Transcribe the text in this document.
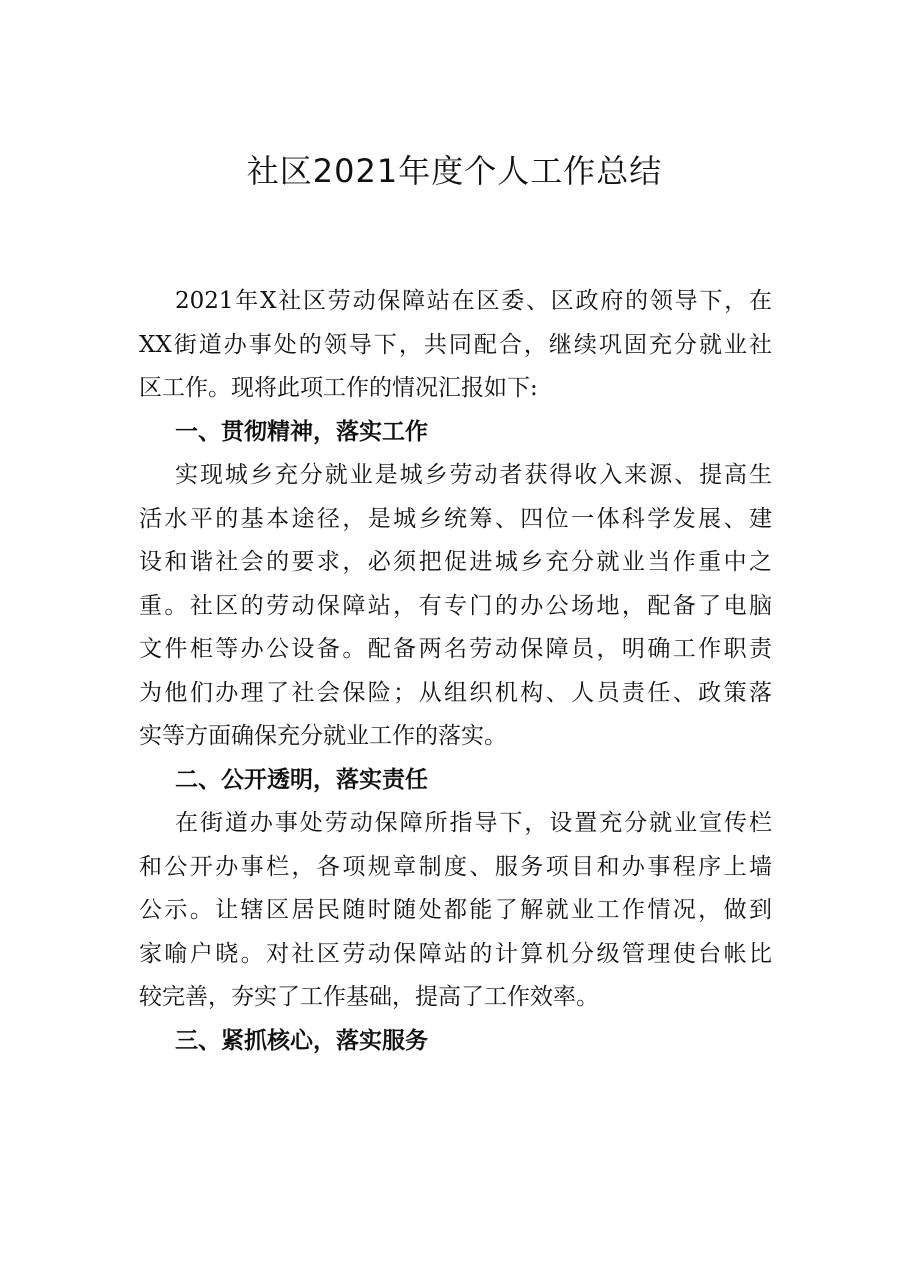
社区2021年度个人工作总结
2021年X社区劳动保障站在区委、区政府的领导下，在
XX街道办事处的领导下，共同配合，继续巩固充分就业社
区工作。现将此项工作的情况汇报如下:
一、贯彻精神，落实工作
实现城乡充分就业是城乡劳动者获得收入来源、提高生
活水平的基本途径，是城乡统筹、四位一体科学发展、建
设和谐社会的要求，必须把促进城乡充分就业当作重中之
重。社区的劳动保障站，有专门的办公场地，配备了电脑
文件柜等办公设备。配备两名劳动保障员，明确工作职责
为他们办理了社会保险；从组织机构、人员责任、政策落
实等方面确保充分就业工作的落实。
二、公开透明，落实责任
在街道办事处劳动保障所指导下，设置充分就业宣传栏
和公开办事栏，各项规章制度、服务项目和办事程序上墙
公示。让辖区居民随时随处都能了解就业工作情况，做到
家喻户晓。对社区劳动保障站的计算机分级管理使台帐比
较完善，夯实了工作基础，提高了工作效率。
三、紧抓核心，落实服务
